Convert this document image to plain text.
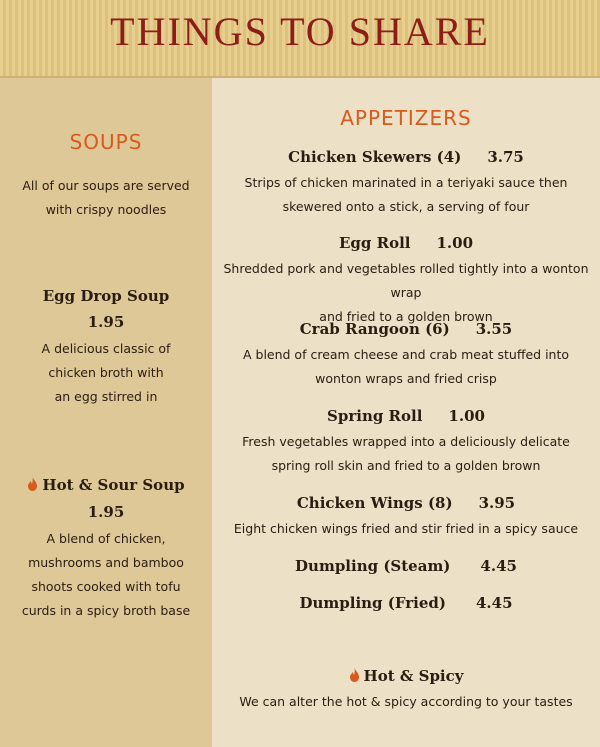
THINGS TO SHARE
SOUPS
All of our soups are served
with crispy noodles
Egg Drop Soup
1.95
A delicious classic of
chicken broth with
an egg stirred in
Hot & Sour Soup
1.95
A blend of chicken,
mushrooms and bamboo
shoots cooked with tofu
curds in a spicy broth base
APPETIZERS
Chicken Skewers (4) 3.75
Strips of chicken marinated in a teriyaki sauce then
skewered onto a stick, a serving of four
Egg Roll 1.00
Shredded pork and vegetables rolled tightly into a wonton wrap
and fried to a golden brown
Crab Rangoon (6) 3.55
A blend of cream cheese and crab meat stuffed into
wonton wraps and fried crisp
Spring Roll 1.00
Fresh vegetables wrapped into a deliciously delicate
spring roll skin and fried to a golden brown
Chicken Wings (8) 3.95
Eight chicken wings fried and stir fried in a spicy sauce
Dumpling (Steam) 4.45
Dumpling (Fried) 4.45
Hot & Spicy
We can alter the hot & spicy according to your tastes
